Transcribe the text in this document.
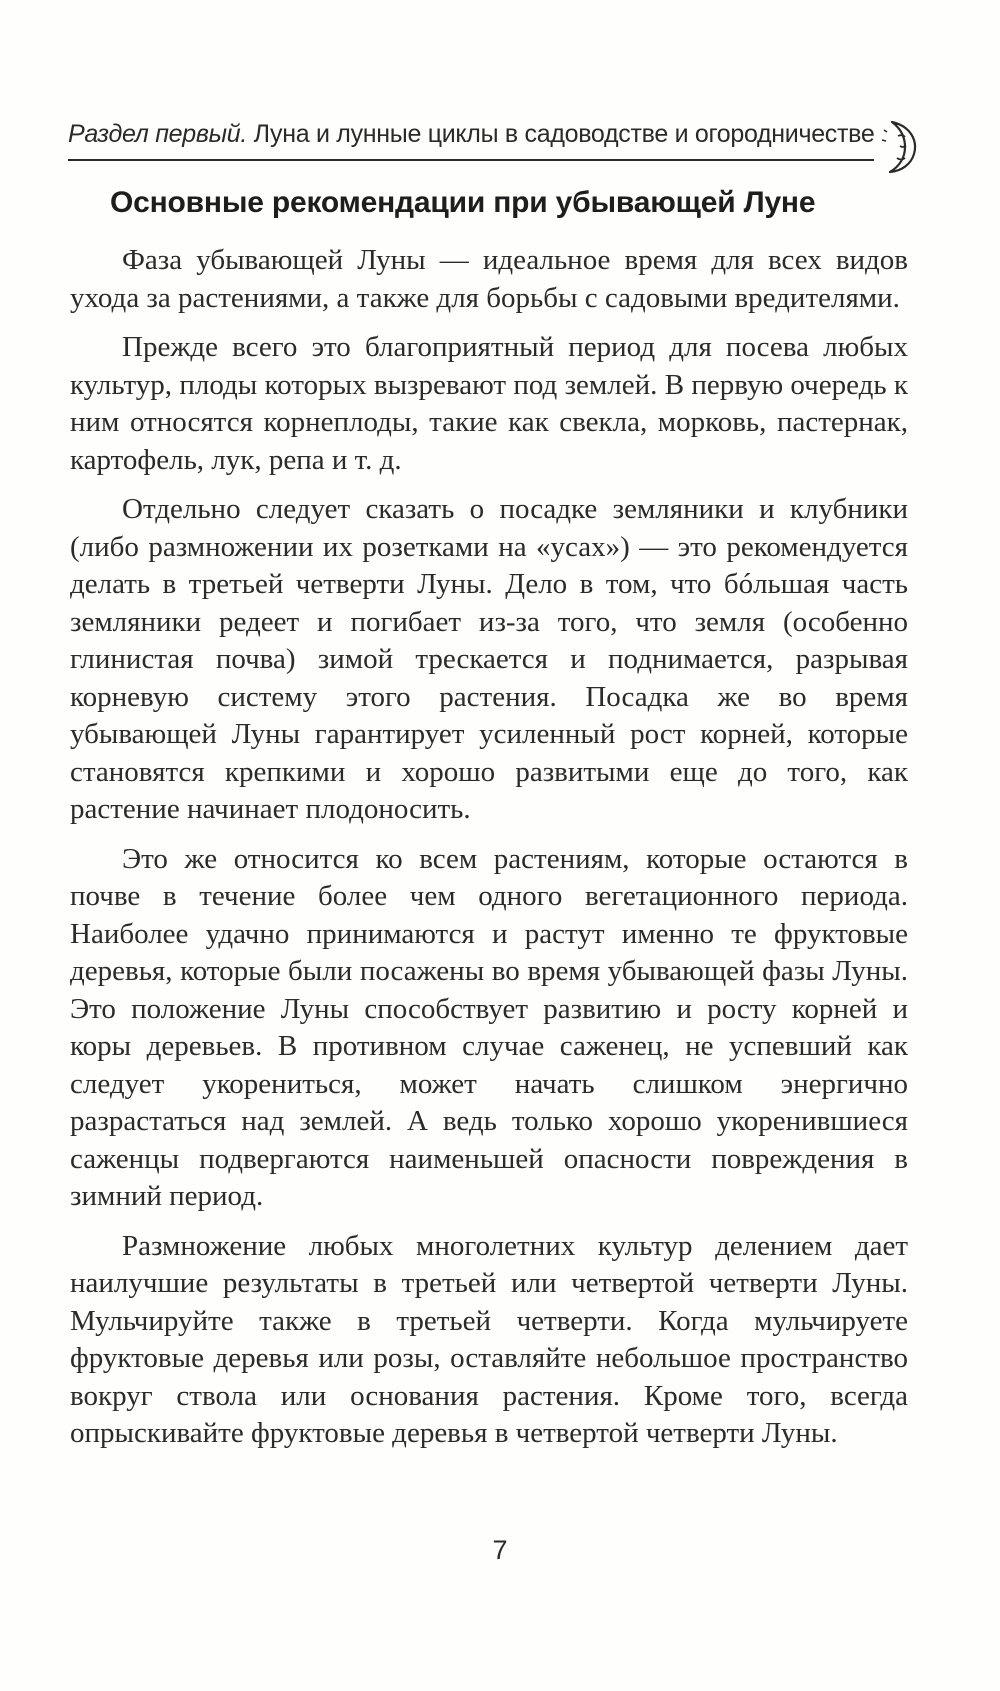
Раздел первый. Луна и лунные циклы в садоводстве и огородничестве
Основные рекомендации при убывающей Луне

Фаза убывающей Луны — идеальное время для всех видов ухода за растениями, а также для борьбы с садовыми вредителями.

Прежде всего это благоприятный период для посева любых культур, плоды которых вызревают под землей. В первую очередь к ним относятся корнеплоды, такие как свекла, морковь, пастернак, картофель, лук, репа и т. д.

Отдельно следует сказать о посадке земляники и клубники (либо размножении их розетками на «усах») — это рекомендуется делать в третьей четверти Луны. Дело в том, что бóльшая часть земляники редеет и погибает из-за того, что земля (особенно глинистая почва) зимой трескается и поднимается, разрывая корневую систему этого растения. Посадка же во время убывающей Луны гарантирует усиленный рост корней, которые становятся крепкими и хорошо развитыми еще до того, как растение начинает плодоносить.

Это же относится ко всем растениям, которые остаются в почве в течение более чем одного вегетационного периода. Наиболее удачно принимаются и растут именно те фруктовые деревья, которые были посажены во время убывающей фазы Луны. Это положение Луны способствует развитию и росту корней и коры деревьев. В противном случае саженец, не успевший как следует укорениться, может начать слишком энергично разрастаться над землей. А ведь только хорошо укоренившиеся саженцы подвергаются наименьшей опасности повреждения в зимний период.

Размножение любых многолетних культур делением дает наилучшие результаты в третьей или четвертой четверти Луны. Мульчируйте также в третьей четверти. Когда мульчируете фруктовые деревья или розы, оставляйте небольшое пространство вокруг ствола или основания растения. Кроме того, всегда опрыскивайте фруктовые деревья в четвертой четверти Луны.

7
